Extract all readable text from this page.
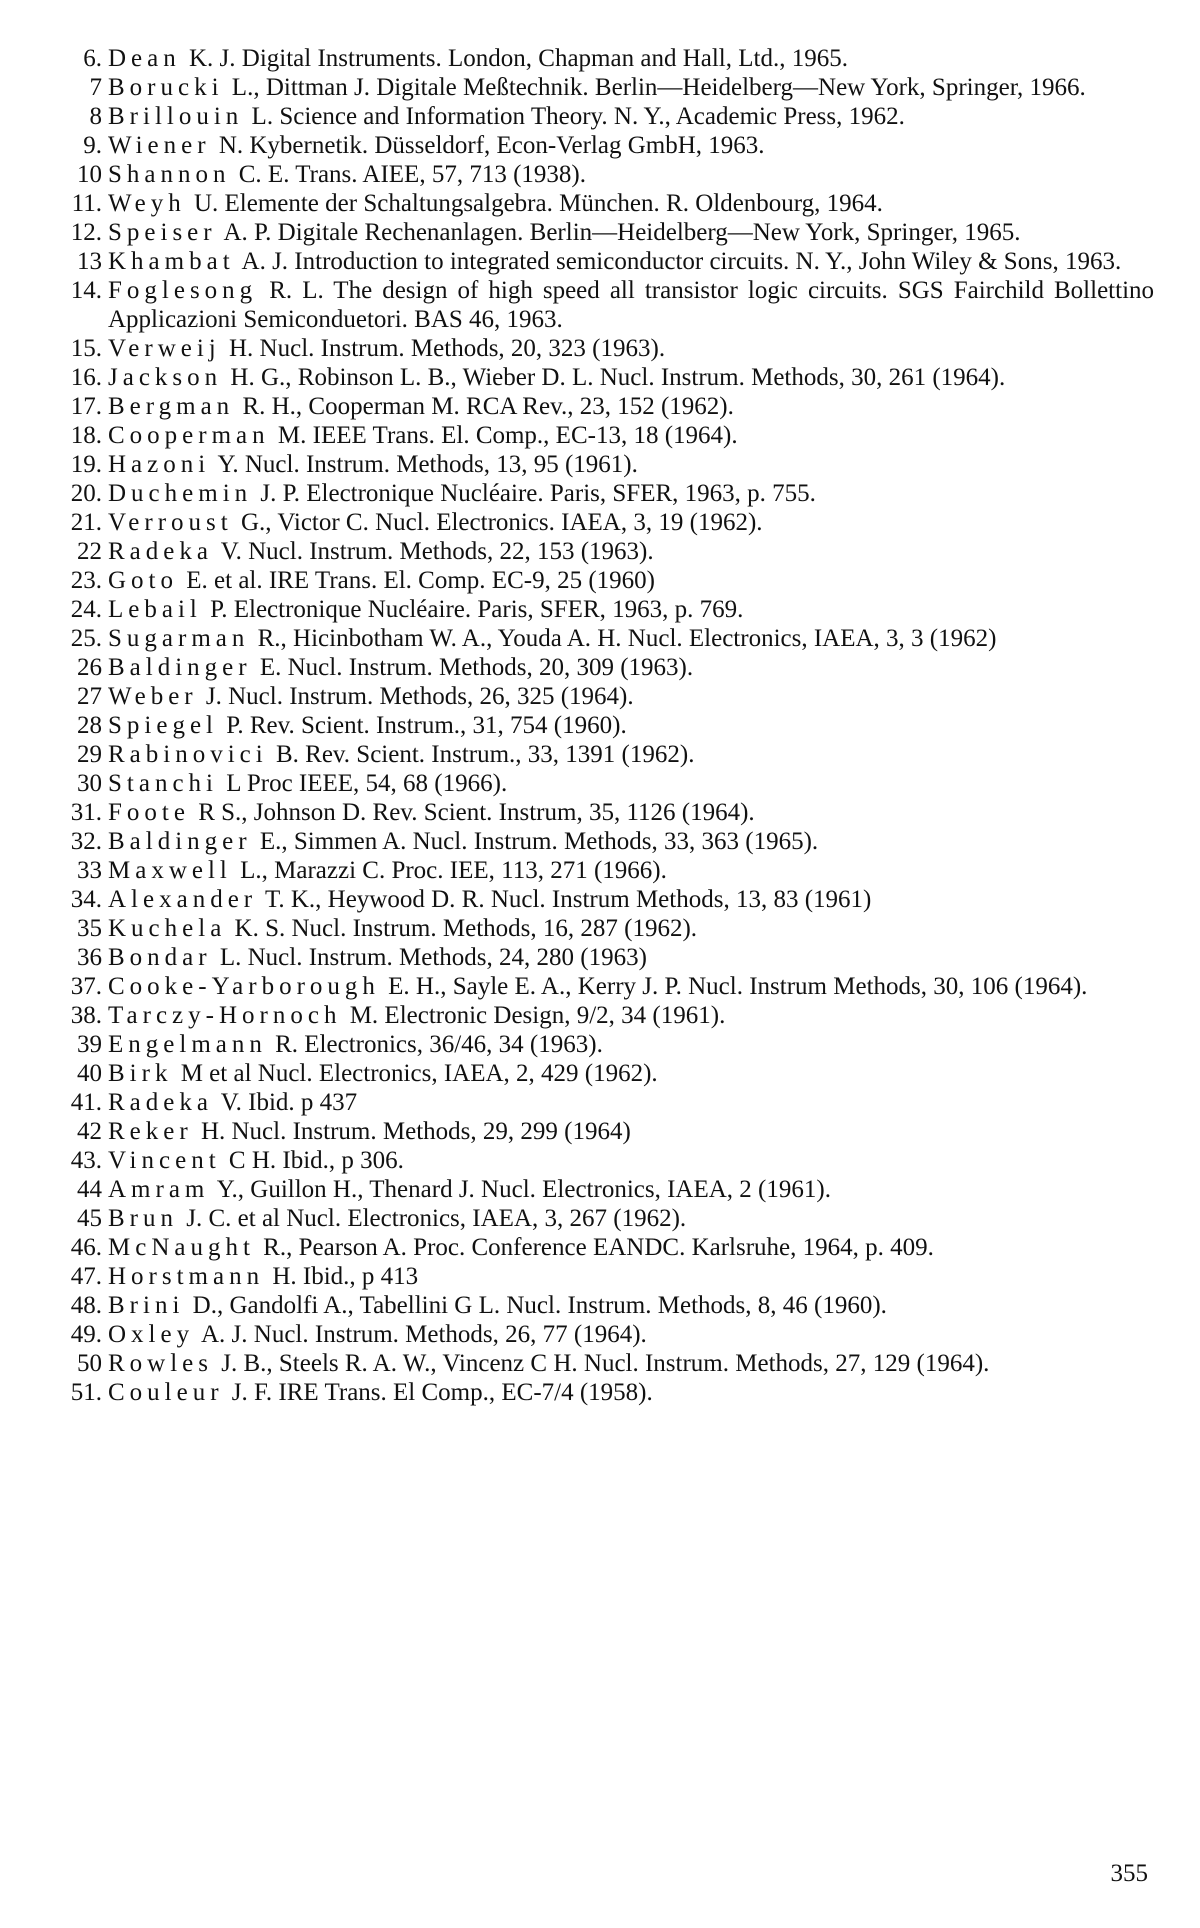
6. Dean K. J. Digital Instruments. London, Chapman and Hall, Ltd., 1965.
7 Borucki L., Dittman J. Digitale Meßtechnik. Berlin—Heidelberg—New York, Springer, 1966.
8 Brillouin L. Science and Information Theory. N. Y., Academic Press, 1962.
9. Wiener N. Kybernetik. Düsseldorf, Econ-Verlag GmbH, 1963.
10 Shannon C. E. Trans. AIEE, 57, 713 (1938).
11. Weyh U. Elemente der Schaltungsalgebra. München. R. Oldenbourg, 1964.
12. Speiser A. P. Digitale Rechenanlagen. Berlin—Heidelberg—New York, Springer, 1965.
13 Khambat A. J. Introduction to integrated semiconductor circuits. N. Y., John Wiley & Sons, 1963.
14. Foglesong R. L. The design of high speed all transistor logic circuits. SGS Fairchild Bollettino Applicazioni Semiconduetori. BAS 46, 1963.
15. Verweij H. Nucl. Instrum. Methods, 20, 323 (1963).
16. Jackson H. G., Robinson L. B., Wieber D. L. Nucl. Instrum. Methods, 30, 261 (1964).
17. Bergman R. H., Cooperman M. RCA Rev., 23, 152 (1962).
18. Cooperman M. IEEE Trans. El. Comp., EC-13, 18 (1964).
19. Hazoni Y. Nucl. Instrum. Methods, 13, 95 (1961).
20. Duchemin J. P. Electronique Nucléaire. Paris, SFER, 1963, p. 755.
21. Verroust G., Victor C. Nucl. Electronics. IAEA, 3, 19 (1962).
22 Radeka V. Nucl. Instrum. Methods, 22, 153 (1963).
23. Goto E. et al. IRE Trans. El. Comp. EC-9, 25 (1960)
24. Lebail P. Electronique Nucléaire. Paris, SFER, 1963, p. 769.
25. Sugarman R., Hicinbotham W. A., Youda A. H. Nucl. Electronics, IAEA, 3, 3 (1962)
26 Baldinger E. Nucl. Instrum. Methods, 20, 309 (1963).
27 Weber J. Nucl. Instrum. Methods, 26, 325 (1964).
28 Spiegel P. Rev. Scient. Instrum., 31, 754 (1960).
29 Rabinovici B. Rev. Scient. Instrum., 33, 1391 (1962).
30 Stanchi L Proc IEEE, 54, 68 (1966).
31. Foote R S., Johnson D. Rev. Scient. Instrum, 35, 1126 (1964).
32. Baldinger E., Simmen A. Nucl. Instrum. Methods, 33, 363 (1965).
33 Maxwell L., Marazzi C. Proc. IEE, 113, 271 (1966).
34. Alexander T. K., Heywood D. R. Nucl. Instrum Methods, 13, 83 (1961)
35 Kuchela K. S. Nucl. Instrum. Methods, 16, 287 (1962).
36 Bondar L. Nucl. Instrum. Methods, 24, 280 (1963)
37. Cooke-Yarborough E. H., Sayle E. A., Kerry J. P. Nucl. Instrum Methods, 30, 106 (1964).
38. Tarczy-Hornoch M. Electronic Design, 9/2, 34 (1961).
39 Engelmann R. Electronics, 36/46, 34 (1963).
40 Birk M et al Nucl. Electronics, IAEA, 2, 429 (1962).
41. Radeka V. Ibid. p 437
42 Reker H. Nucl. Instrum. Methods, 29, 299 (1964)
43. Vincent C H. Ibid., p 306.
44 Amram Y., Guillon H., Thenard J. Nucl. Electronics, IAEA, 2 (1961).
45 Brun J. C. et al Nucl. Electronics, IAEA, 3, 267 (1962).
46. McNaught R., Pearson A. Proc. Conference EANDC. Karlsruhe, 1964, p. 409.
47. Horstmann H. Ibid., p 413
48. Brini D., Gandolfi A., Tabellini G L. Nucl. Instrum. Methods, 8, 46 (1960).
49. Oxley A. J. Nucl. Instrum. Methods, 26, 77 (1964).
50 Rowles J. B., Steels R. A. W., Vincenz C H. Nucl. Instrum. Methods, 27, 129 (1964).
51. Couleur J. F. IRE Trans. El Comp., EC-7/4 (1958).
355
